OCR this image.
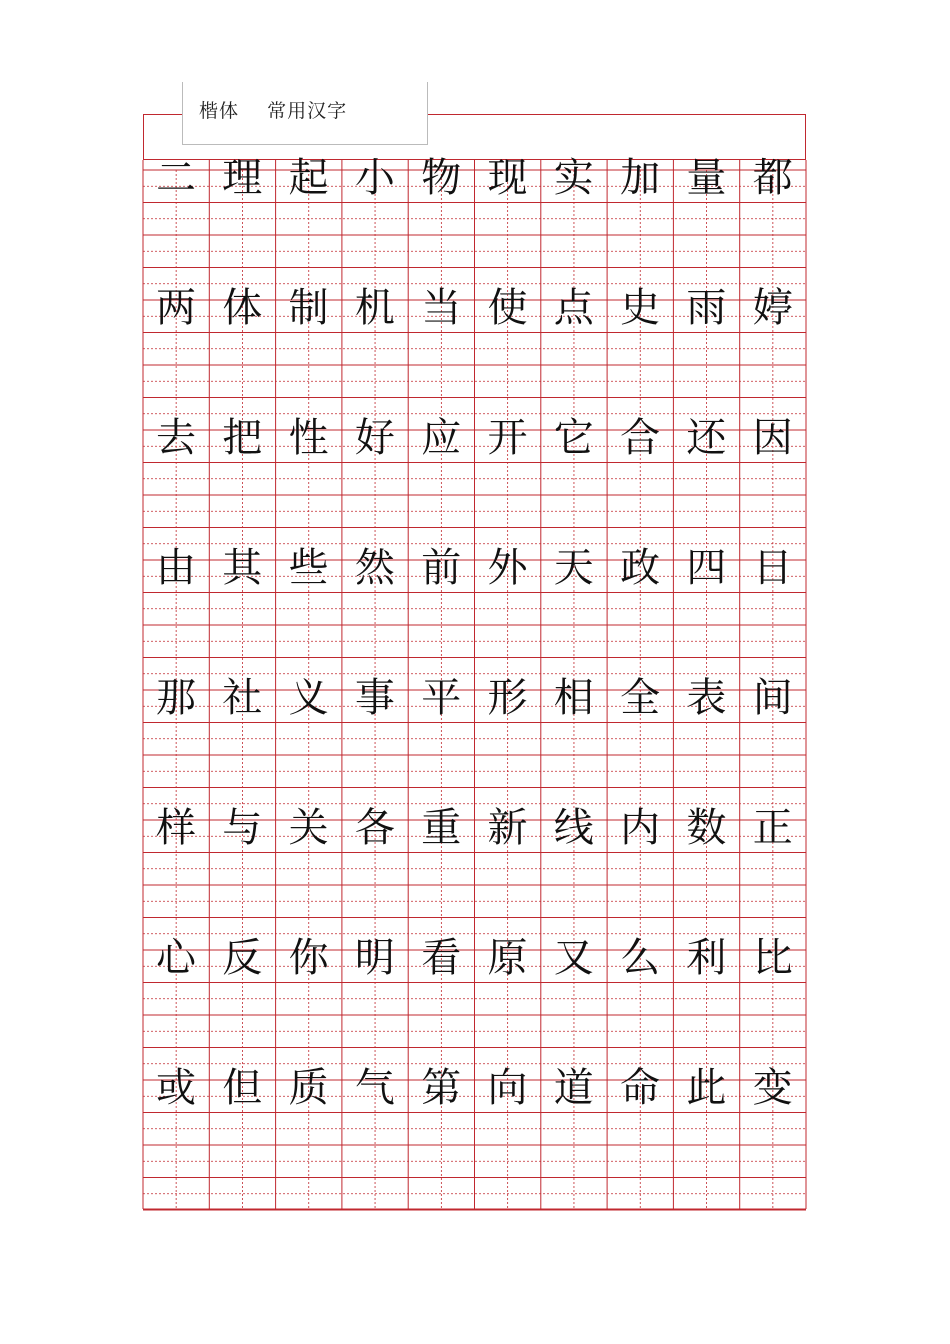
楷体    常用汉字
二 理 起 小 物 现 实 加 量 都
两 体 制 机 当 使 点 史 雨 婷
去 把 性 好 应 开 它 合 还 因
由 其 些 然 前 外 天 政 四 日
那 社 义 事 平 形 相 全 表 间
样 与 关 各 重 新 线 内 数 正
心 反 你 明 看 原 又 么 利 比
或 但 质 气 第 向 道 命 此 变
